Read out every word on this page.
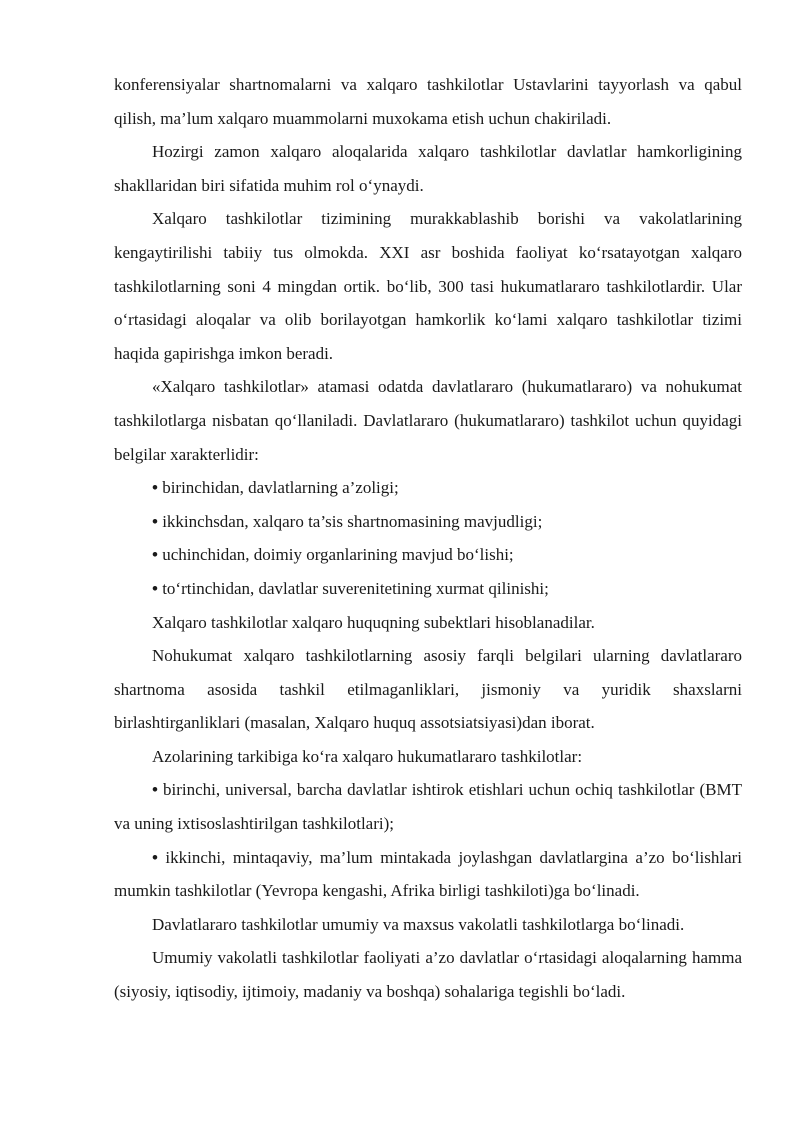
konferensiyalar shartnomalarni va xalqaro tashkilotlar Ustavlarini tayyorlash va qabul qilish, ma’lum xalqaro muammolarni muxokama etish uchun chakiriladi.

Hozirgi zamon xalqaro aloqalarida xalqaro tashkilotlar davlatlar hamkorligining shakllaridan biri sifatida muhim rol o‘ynaydi.

Xalqaro tashkilotlar tizimining murakkablashib borishi va vakolatlarining kengaytirilishi tabiiy tus olmokda. XXI asr boshida faoliyat ko‘rsatayotgan xalqaro tashkilotlarning soni 4 mingdan ortik. bo‘lib, 300 tasi hukumatlararo tashkilotlardir. Ular o‘rtasidagi aloqalar va olib borilayotgan hamkorlik ko‘lami xalqaro tashkilotlar tizimi haqida gapirishga imkon beradi.

«Xalqaro tashkilotlar» atamasi odatda davlatlararo (hukumatlararo) va nohukumat tashkilotlarga nisbatan qo‘llaniladi. Davlatlararo (hukumatlararo) tashkilot uchun quyidagi belgilar xarakterlidir:

• birinchidan, davlatlarning a’zoligi;

• ikkinchsdan, xalqaro ta’sis shartnomasining mavjudligi;

• uchinchidan, doimiy organlarining mavjud bo‘lishi;

• to‘rtinchidan, davlatlar suverenitetining xurmat qilinishi;

Xalqaro tashkilotlar xalqaro huquqning subektlari hisoblanadilar.

Nohukumat xalqaro tashkilotlarning asosiy farqli belgilari ularning davlatlararo shartnoma asosida tashkil etilmaganliklari, jismoniy va yuridik shaxslarni birlashtirganliklari (masalan, Xalqaro huquq assotsiatsiyasi)dan iborat.

Azolarining tarkibiga ko‘ra xalqaro hukumatlararo tashkilotlar:

• birinchi, universal, barcha davlatlar ishtirok etishlari uchun ochiq tashkilotlar (BMT va uning ixtisoslashtirilgan tashkilotlari);

• ikkinchi, mintaqaviy, ma’lum mintakada joylashgan davlatlargina a’zo bo‘lishlari mumkin tashkilotlar (Yevropa kengashi, Afrika birligi tashkiloti)ga bo‘linadi.

Davlatlararo tashkilotlar umumiy va maxsus vakolatli tashkilotlarga bo‘linadi.

Umumiy vakolatli tashkilotlar faoliyati a’zo davlatlar o‘rtasidagi aloqalarning hamma (siyosiy, iqtisodiy, ijtimoiy, madaniy va boshqa) sohalariga tegishli bo‘ladi.
